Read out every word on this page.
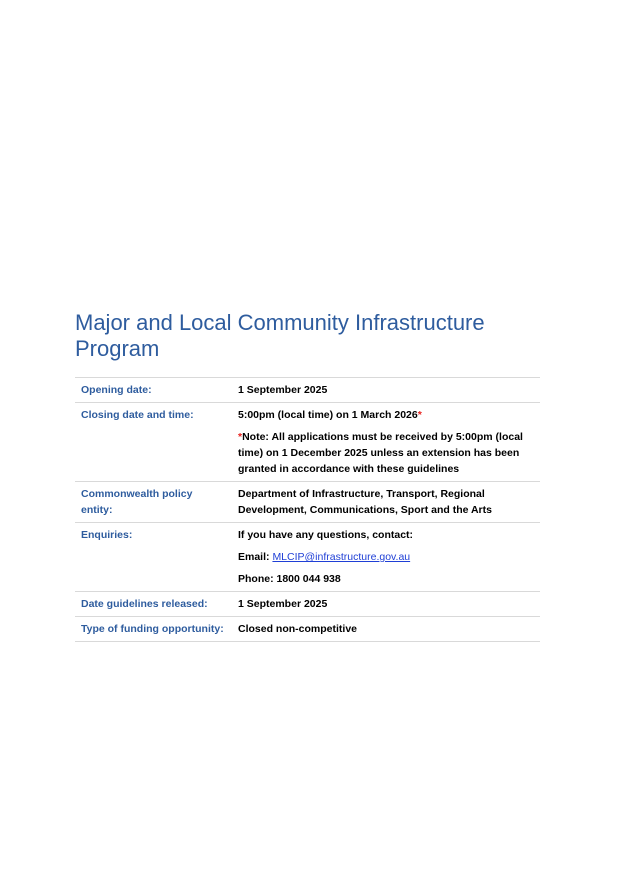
Major and Local Community Infrastructure Program
Opening date:	1 September 2025

Closing date and time:	5:00pm (local time) on 1 March 2026*

*Note: All applications must be received by 5:00pm (local time) on 1 December 2025 unless an extension has been granted in accordance with these guidelines

Commonwealth policy entity:	Department of Infrastructure, Transport, Regional Development, Communications, Sport and the Arts

Enquiries:	If you have any questions, contact:

Email: MLCIP@infrastructure.gov.au

Phone: 1800 044 938

Date guidelines released:	1 September 2025

Type of funding opportunity:	Closed non-competitive
